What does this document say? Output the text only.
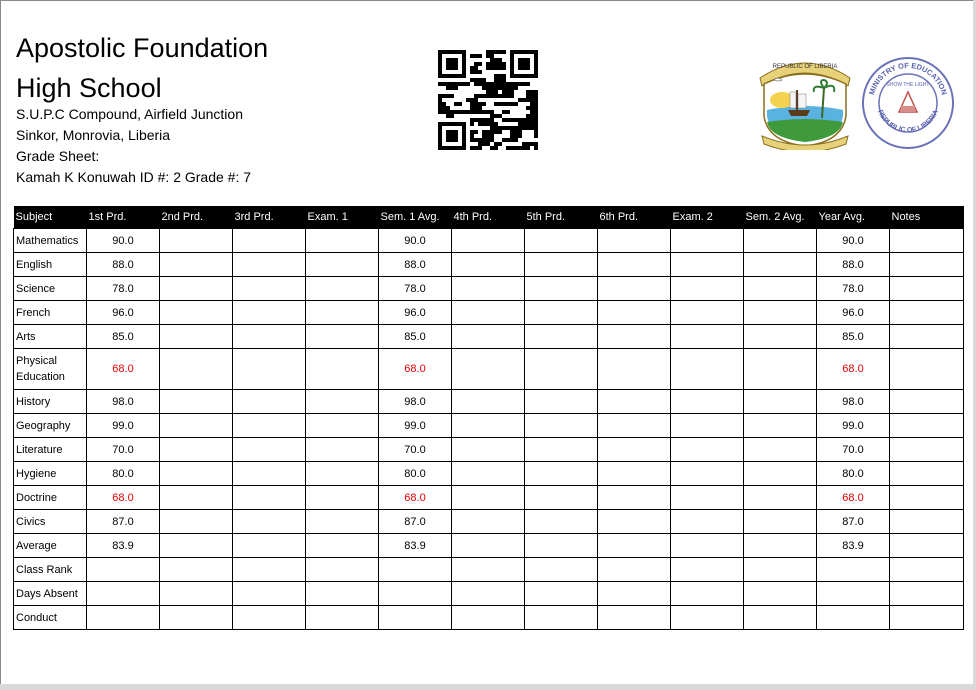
Apostolic Foundation
High School
S.U.P.C Compound, Airfield Junction
Sinkor, Monrovia, Liberia
Grade Sheet:
Kamah K Konuwah ID #: 2 Grade #: 7
REPUBLIC OF LIBERIA
MINISTRY OF EDUCATION
REPUBLIC OF LIBERIA
SHOW THE LIGHT
Subject	1st Prd.	2nd Prd.	3rd Prd.	Exam. 1	Sem. 1 Avg.	4th Prd.	5th Prd.	6th Prd.	Exam. 2	Sem. 2 Avg.	Year Avg.	Notes
Mathematics	90.0				90.0						90.0	
English	88.0				88.0						88.0	
Science	78.0				78.0						78.0	
French	96.0				96.0						96.0	
Arts	85.0				85.0						85.0	
Physical Education	68.0				68.0						68.0	
History	98.0				98.0						98.0	
Geography	99.0				99.0						99.0	
Literature	70.0				70.0						70.0	
Hygiene	80.0				80.0						80.0	
Doctrine	68.0				68.0						68.0	
Civics	87.0				87.0						87.0	
Average	83.9				83.9						83.9	
Class Rank												
Days Absent												
Conduct												
